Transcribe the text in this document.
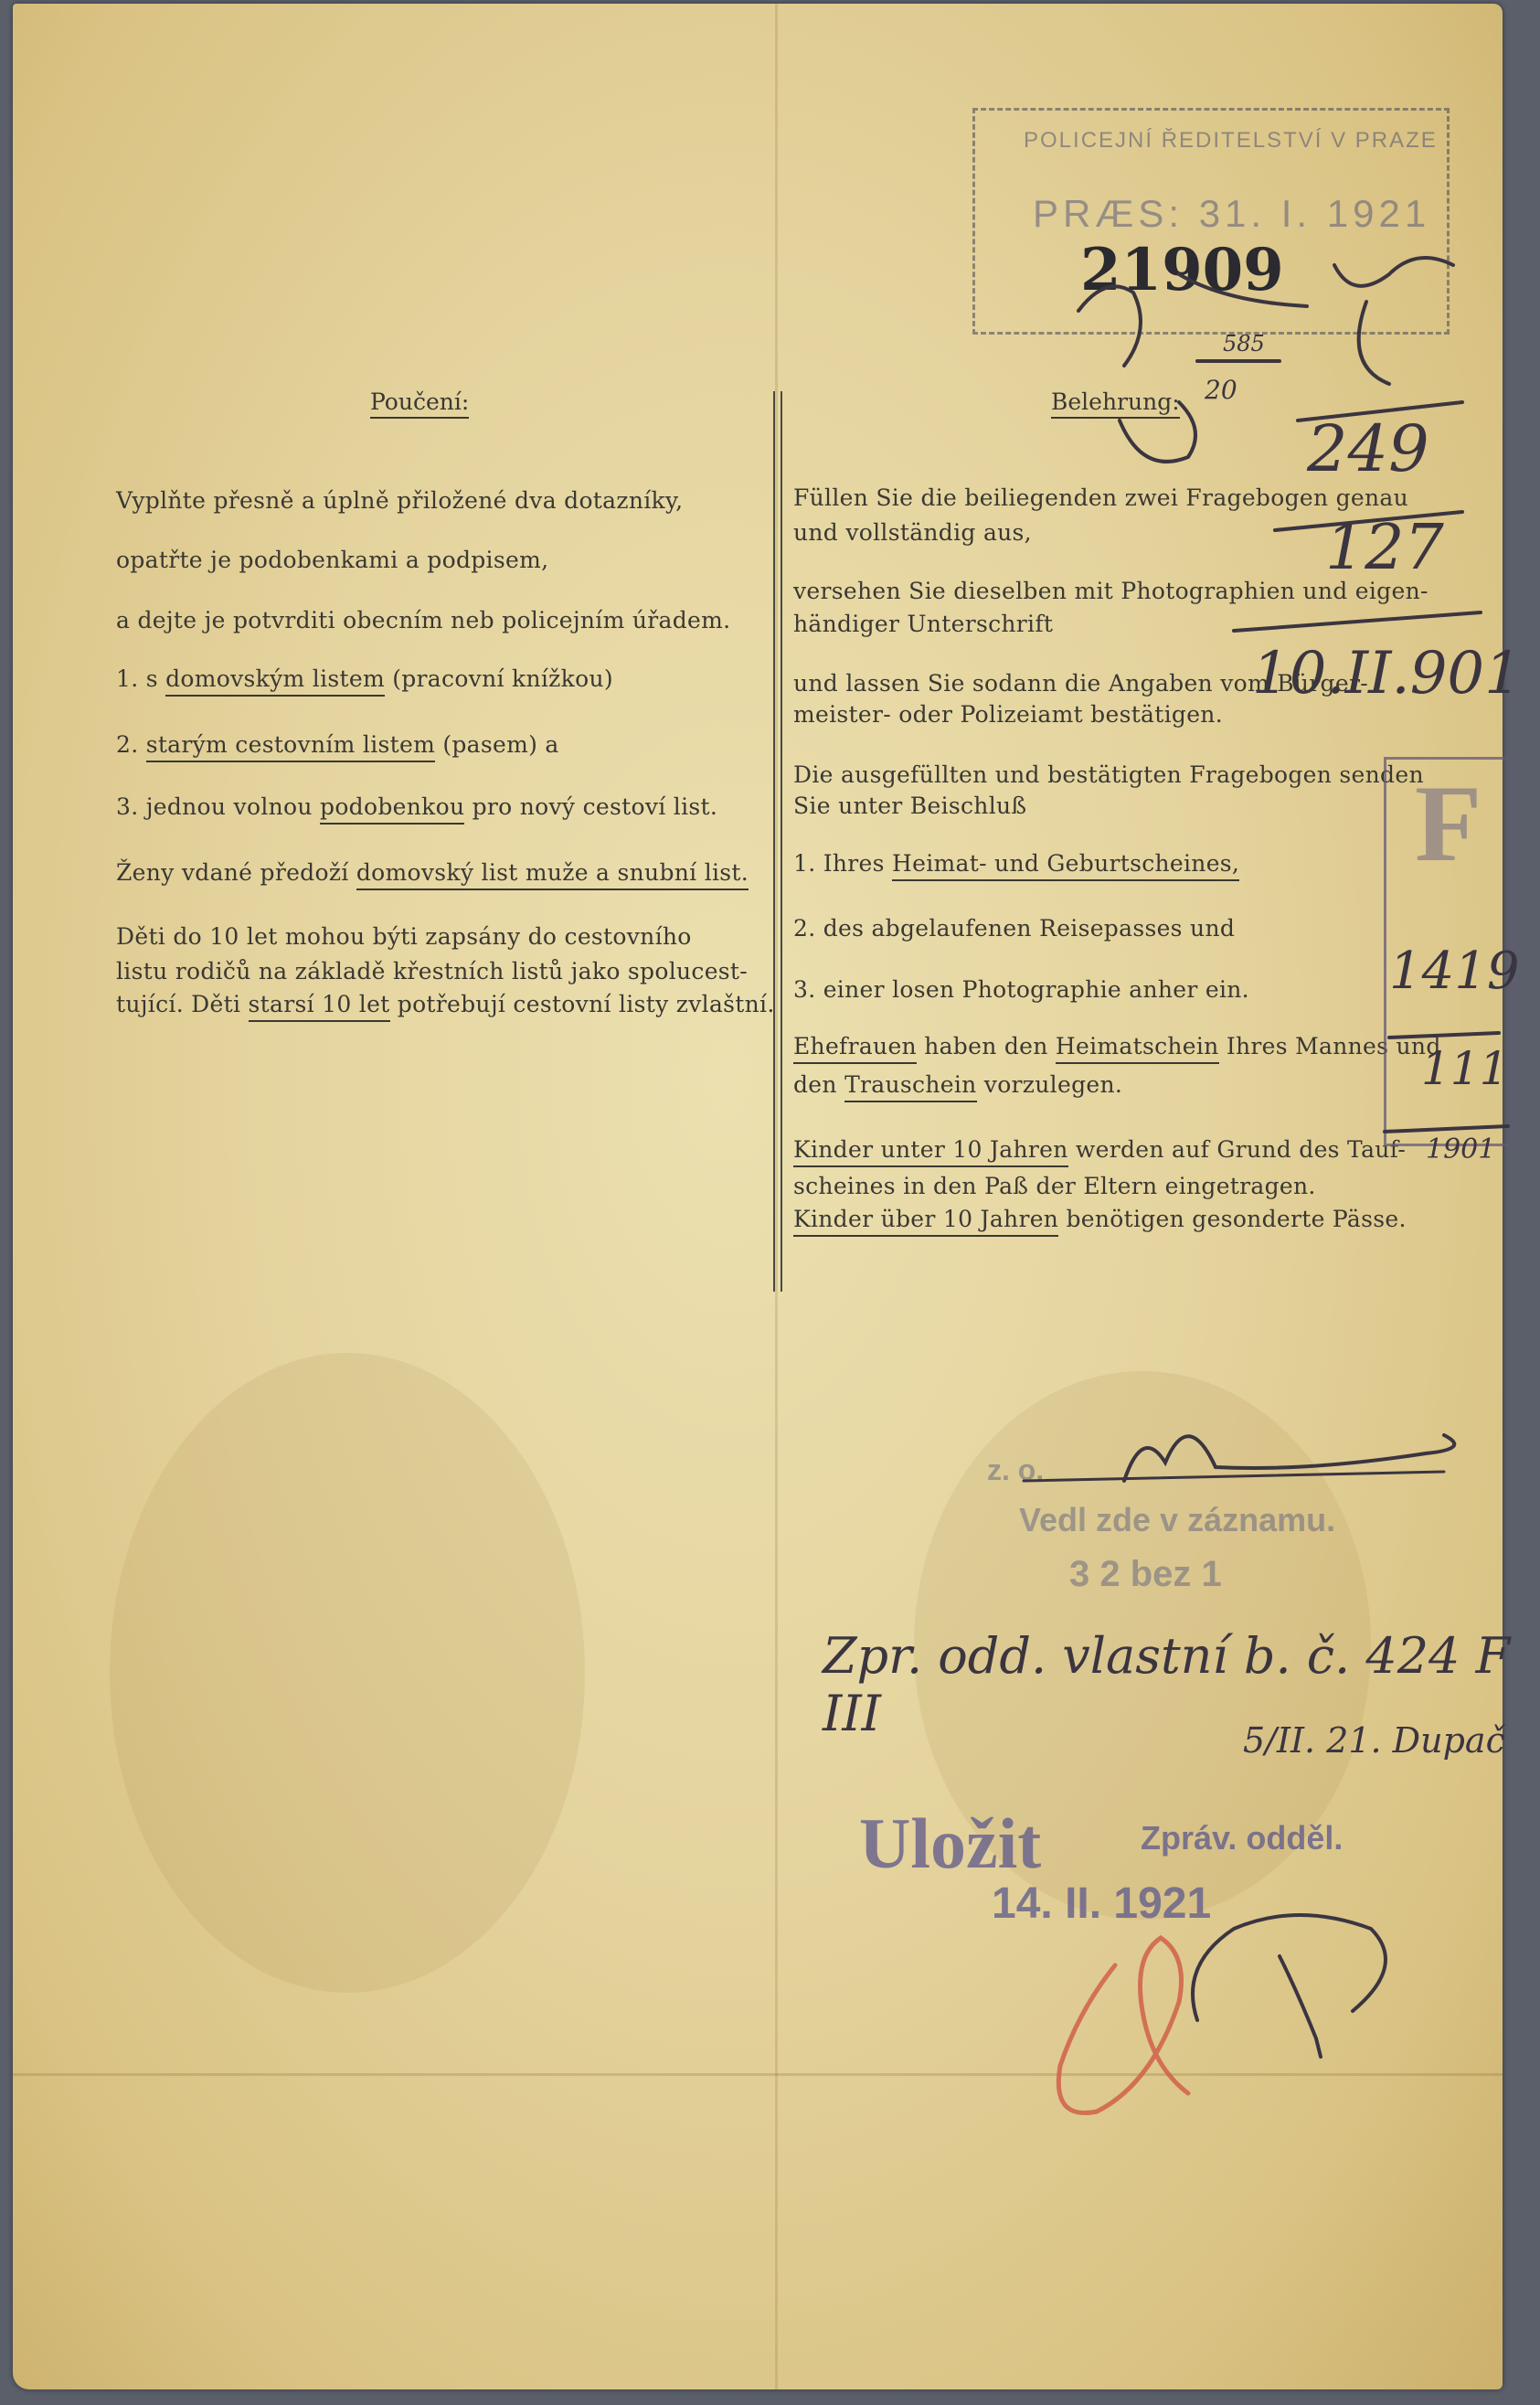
Poučení:
Vyplňte přesně a úplně přiložené dva dotazníky,
opatřte je podobenkami a podpisem,
a dejte je potvrditi obecním neb policejním úřadem.
1. s domovským listem (pracovní knížkou)
2. starým cestovním listem (pasem) a
3. jednou volnou podobenkou pro nový cestoví list.
Ženy vdané předoží domovský list muže a snubní list.
Děti do 10 let mohou býti zapsány do cestovního
listu rodičů na základě křestních listů jako spolucest-
tující. Děti starsí 10 let potřebují cestovní listy zvlaštní.
Belehrung:
Füllen Sie die beiliegenden zwei Fragebogen genau
und vollständig aus,
versehen Sie dieselben mit Photographien und eigen-
händiger Unterschrift
und lassen Sie sodann die Angaben vom Bürger-
meister- oder Polizeiamt bestätigen.
Die ausgefüllten und bestätigten Fragebogen senden
Sie unter Beischluß
1. Ihres Heimat- und Geburtscheines,
2. des abgelaufenen Reisepasses und
3. einer losen Photographie anher ein.
Ehefrauen haben den Heimatschein Ihres Mannes und
den Trauschein vorzulegen.
Kinder unter 10 Jahren werden auf Grund des Tauf-
scheines in den Paß der Eltern eingetragen.
Kinder über 10 Jahren benötigen gesonderte Pässe.
POLICEJNÍ ŘEDITELSTVÍ V PRAZE
PRÆS: 31. I. 1921
21909
585
20
249
127
10.II.901
F
1419
111
1901
z. o.
Vedl zde v záznamu.
3 2 bez 1
Zpr. odd. vlastní b. č. 424 F III	5/II. 21. Dupač
Uložit	Zpráv. odděl.
14. II. 1921
